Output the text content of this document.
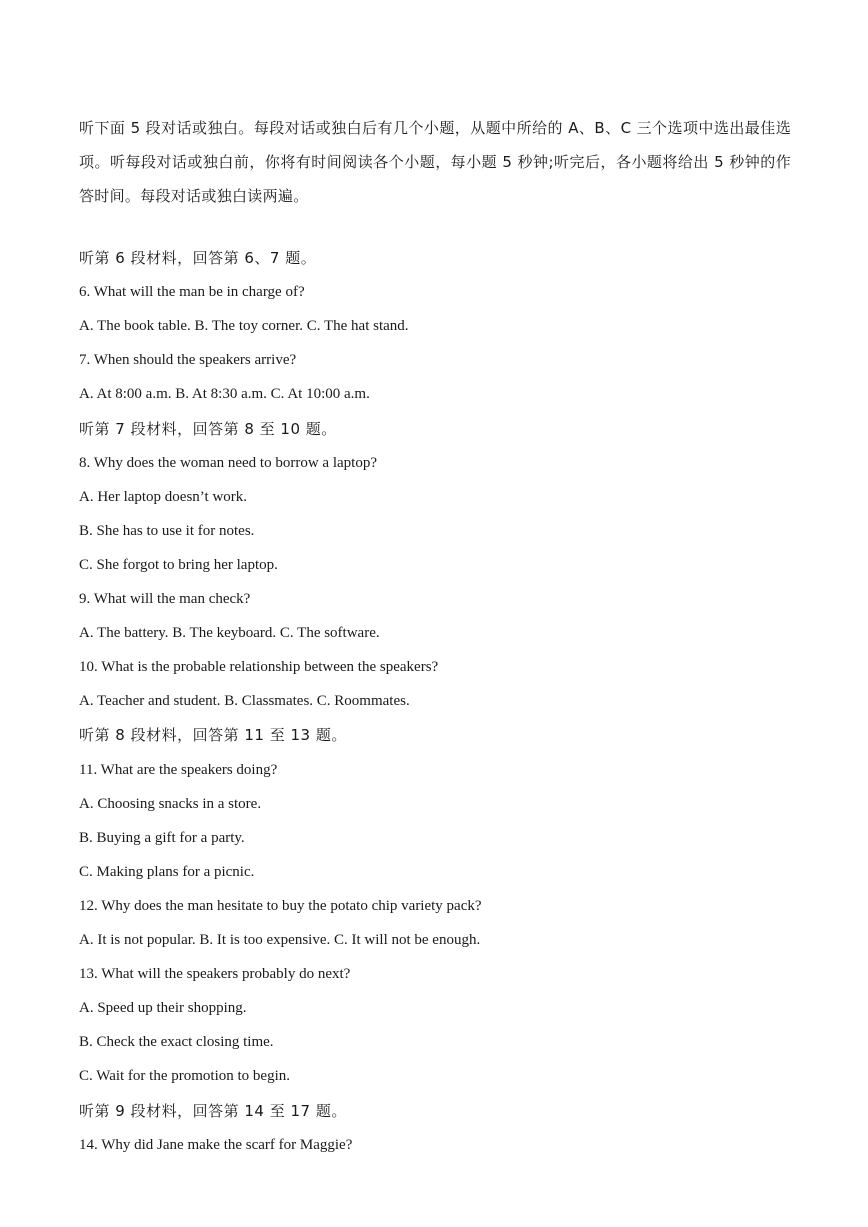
听下面 5 段对话或独白。每段对话或独白后有几个小题，从题中所给的 A、B、C 三个选项中选出最佳选项。听每段对话或独白前，你将有时间阅读各个小题，每小题 5 秒钟;听完后，各小题将给出 5 秒钟的作答时间。每段对话或独白读两遍。
听第 6 段材料，回答第 6、7 题。
6. What will the man be in charge of?
A. The book table. B. The toy corner. C. The hat stand.
7. When should the speakers arrive?
A. At 8:00 a.m. B. At 8:30 a.m. C. At 10:00 a.m.
听第 7 段材料，回答第 8 至 10 题。
8. Why does the woman need to borrow a laptop?
A. Her laptop doesn’t work.
B. She has to use it for notes.
C. She forgot to bring her laptop.
9. What will the man check?
A. The battery. B. The keyboard. C. The software.
10. What is the probable relationship between the speakers?
A. Teacher and student. B. Classmates. C. Roommates.
听第 8 段材料，回答第 11 至 13 题。
11. What are the speakers doing?
A. Choosing snacks in a store.
B. Buying a gift for a party.
C. Making plans for a picnic.
12. Why does the man hesitate to buy the potato chip variety pack?
A. It is not popular. B. It is too expensive. C. It will not be enough.
13. What will the speakers probably do next?
A. Speed up their shopping.
B. Check the exact closing time.
C. Wait for the promotion to begin.
听第 9 段材料，回答第 14 至 17 题。
14. Why did Jane make the scarf for Maggie?
